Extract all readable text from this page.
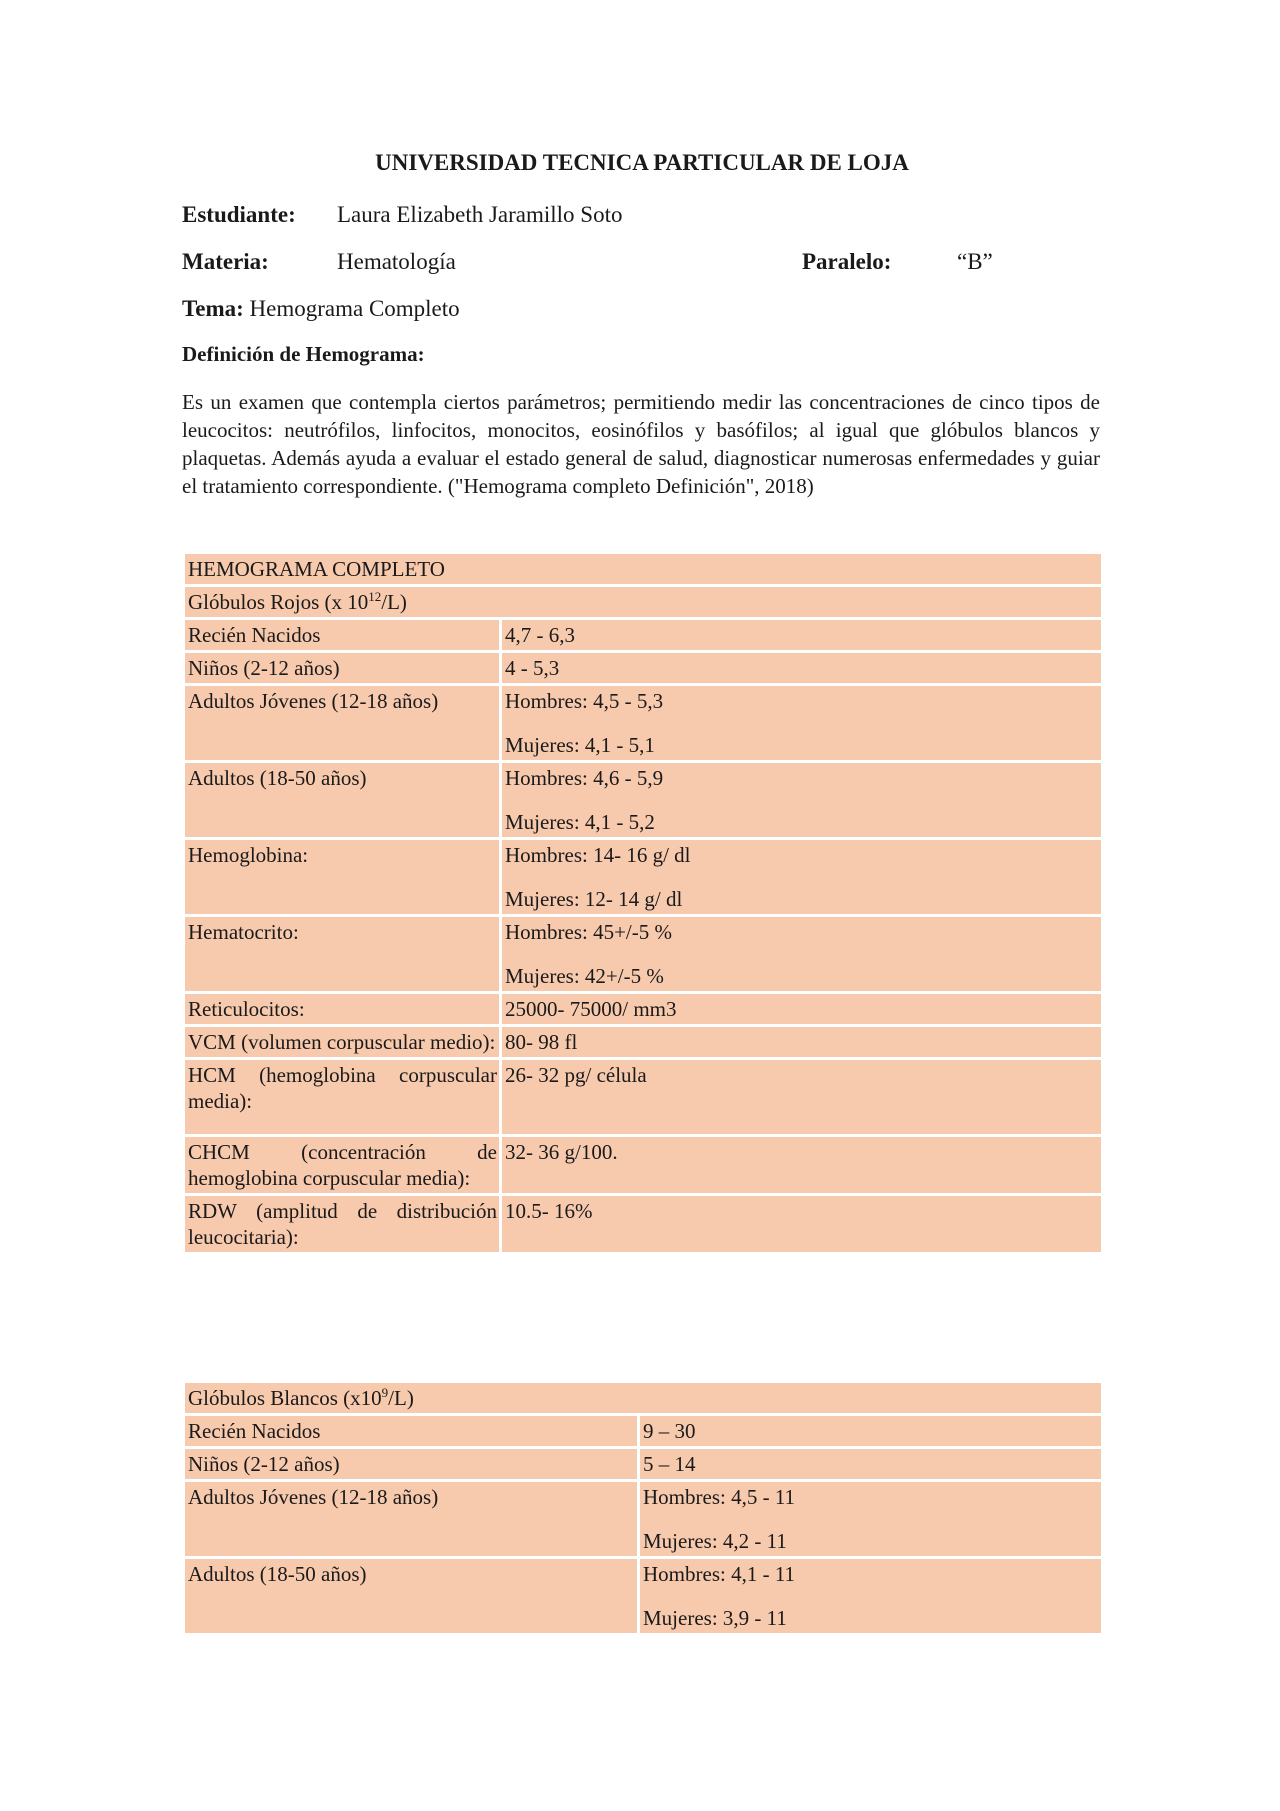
UNIVERSIDAD TECNICA PARTICULAR DE LOJA
Estudiante: Laura Elizabeth Jaramillo Soto
Materia:	Hematología	Paralelo:	“B”
Tema: Hemograma Completo
Definición de Hemograma:
Es un examen que contempla ciertos parámetros; permitiendo medir las concentraciones de cinco tipos de leucocitos: neutrófilos, linfocitos, monocitos, eosinófilos y basófilos; al igual que glóbulos blancos y plaquetas. Además ayuda a evaluar el estado general de salud, diagnosticar numerosas enfermedades y guiar el tratamiento correspondiente. ("Hemograma completo Definición", 2018)
HEMOGRAMA COMPLETO	
Glóbulos Rojos (x $10^{12}/L$)	
Recién Nacidos	4,7 - 6,3
Niños (2-12 años)	4 - 5,3
Adultos Jóvenes (12-18 años)	Hombres: 4,5 - 5,3
Mujeres: 4,1 - 5,1

Adultos (18-50 años)	Hombres: 4,6 - 5,9
Mujeres: 4,1 - 5,2

Hemoglobina:	Hombres: 14- 16 g/ dl
Mujeres: 12- 14 g/ dl

Hematocrito:	Hombres: 45+/-5 %
Mujeres: 42+/-5 %

Reticulocitos:	25000- 75000/ mm3
VCM (volumen corpuscular medio):	80- 98 fl
HCM (hemoglobina corpuscular media):	26- 32 pg/ célula
CHCM (concentración de hemoglobina corpuscular media):	32- 36 g/100.
RDW (amplitud de distribución leucocitaria):	10.5- 16%
Glóbulos Blancos $(x10^9/L)$	
Recién Nacidos	9 – 30
Niños (2-12 años)	5 – 14
Adultos Jóvenes (12-18 años)	Hombres: 4,5 - 11
Mujeres: 4,2 - 11

Adultos (18-50 años)	Hombres: 4,1 - 11
Mujeres: 3,9 - 11
